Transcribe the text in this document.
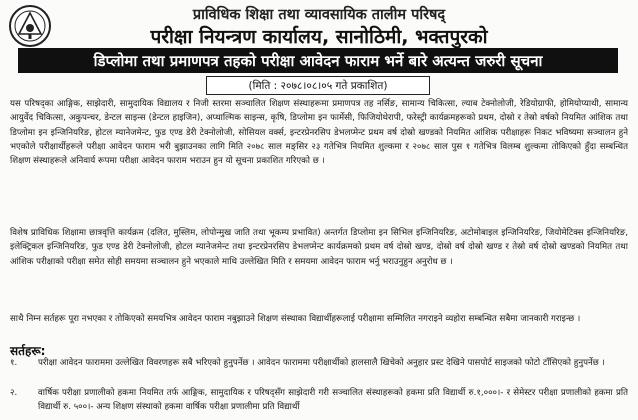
प्राविधिक शिक्षा तथा व्यावसायिक तालीम परिषद्
परीक्षा नियन्त्रण कार्यालय, सानोठिमी, भक्तपुरको
डिप्लोमा तथा प्रमाणपत्र तहको परीक्षा आवेदन फाराम भर्ने बारे अत्यन्त जरुरी सूचना
(मिति : २०७८।०८।०५ गते प्रकाशित)

यस परिषद्का आङ्गिक, साझेदारी, सामुदायिक विद्यालय र निजी स्तरमा सञ्चालित शिक्षण संस्थाहरूमा प्रमाणपत्र तह नर्सिङ, सामान्य चिकित्सा, ल्याब टेक्नोलोजी, रेडियोग्राफी, होमियोप्याथी, सामान्य आयुर्वेद चिकित्सा, अकुपन्चर, डेन्टल साइन्स (डेन्टल हाइजिन), अप्थाल्मिक साइन्स, कृषि, डिप्लोमा इन फार्मेसी, फिजियोथेरापी, फरेस्ट्री कार्यक्रमहरूको प्रथम, दोस्रो र तेस्रो वर्षको नियमित आंशिक तथा डिप्लोमा इन इन्जिनियरिङ, होटल म्यानेजमेन्ट, फुड एण्ड डेरी टेक्नोलोजी, सोसियल वर्क्स, इन्टरप्रेनरसिप डेभलप्मेन्ट प्रथम वर्ष दोस्रो खण्डको नियमित आंशिक परीक्षाहरू निकट भविष्यमा सञ्चालन हुने भएकोले परीक्षार्थीहरूले परीक्षा आवेदन फाराम भरी बुझाउनका लागि मिति २०७८ साल मङ्सिर २३ गतेभित्र नियमित शुल्कमा र २०७८ साल पुस १ गतेभित्र विलम्ब शुल्कमा तोकिएको हुँदा सम्बन्धित शिक्षण संस्थाहरूले अनिवार्य रूपमा परीक्षा आवेदन फाराम भराउन हुन यो सूचना प्रकाशित गरिएको छ ।

विशेष प्राविधिक शिक्षामा छात्रवृत्ति कार्यक्रम (दलित, मुस्लिम, लोपोन्मुख जाति तथा भूकम्प प्रभावित) अन्तर्गत डिप्लोमा इन सिभिल इन्जिनियरिङ, अटोमोबाइल इन्जिनियरिङ, जियोमेटिक्स इन्जिनियरिङ, इलेक्ट्रिकल इन्जिनियरिङ, फुड एण्ड डेरी टेक्नोलोजी, होटल म्यानेजमेन्ट तथा इन्टरप्रेनरसिप डेभलप्मेन्ट कार्यक्रमको प्रथम वर्ष दोस्रो खण्ड, दोस्रो वर्ष दोस्रो खण्ड र तेस्रो वर्ष दोस्रो खण्डको नियमित तथा आंशिक परीक्षाको परीक्षा समेत सोही समयमा सञ्चालन हुने भएकाले माथि उल्लेखित मिति र समयमा आवेदन फाराम भर्नु भराउनुहुन अनुरोध छ ।

साथै निम्न सर्तहरू पूरा नभएका र तोकिएको समयभित्र आवेदन फाराम नबुझाउने शिक्षण संस्थाका विद्यार्थीहरूलाई परीक्षामा सम्मिलित नगराइने व्यहोरा सम्बन्धित सबैमा जानकारी गराइन्छ ।

सर्तहरू:
१.	परीक्षा आवेदन फाराममा उल्लेखित विवरणहरू सबै भरिएको हुनुपर्नेछ । आवेदन फाराममा परीक्षार्थीको हालसालै खिचेको अनुहार प्रस्ट देखिने पासपोर्ट साइजको फोटो टाँसिएको हुनुपर्नेछ ।
२.	वार्षिक परीक्षा प्रणालीको हकमा नियमित तर्फ आङ्गिक, सामुदायिक र परिषद्सँग साझेदारी गरी सञ्चालित संस्थाहरूको हकमा प्रति विद्यार्थी रु.१,०००।- र सेमेस्टर परीक्षा प्रणालीको हकमा प्रति विद्यार्थी रु. ५००।- अन्य शिक्षण संस्थाको हकमा वार्षिक परीक्षा प्रणालीमा प्रति विद्यार्थी
